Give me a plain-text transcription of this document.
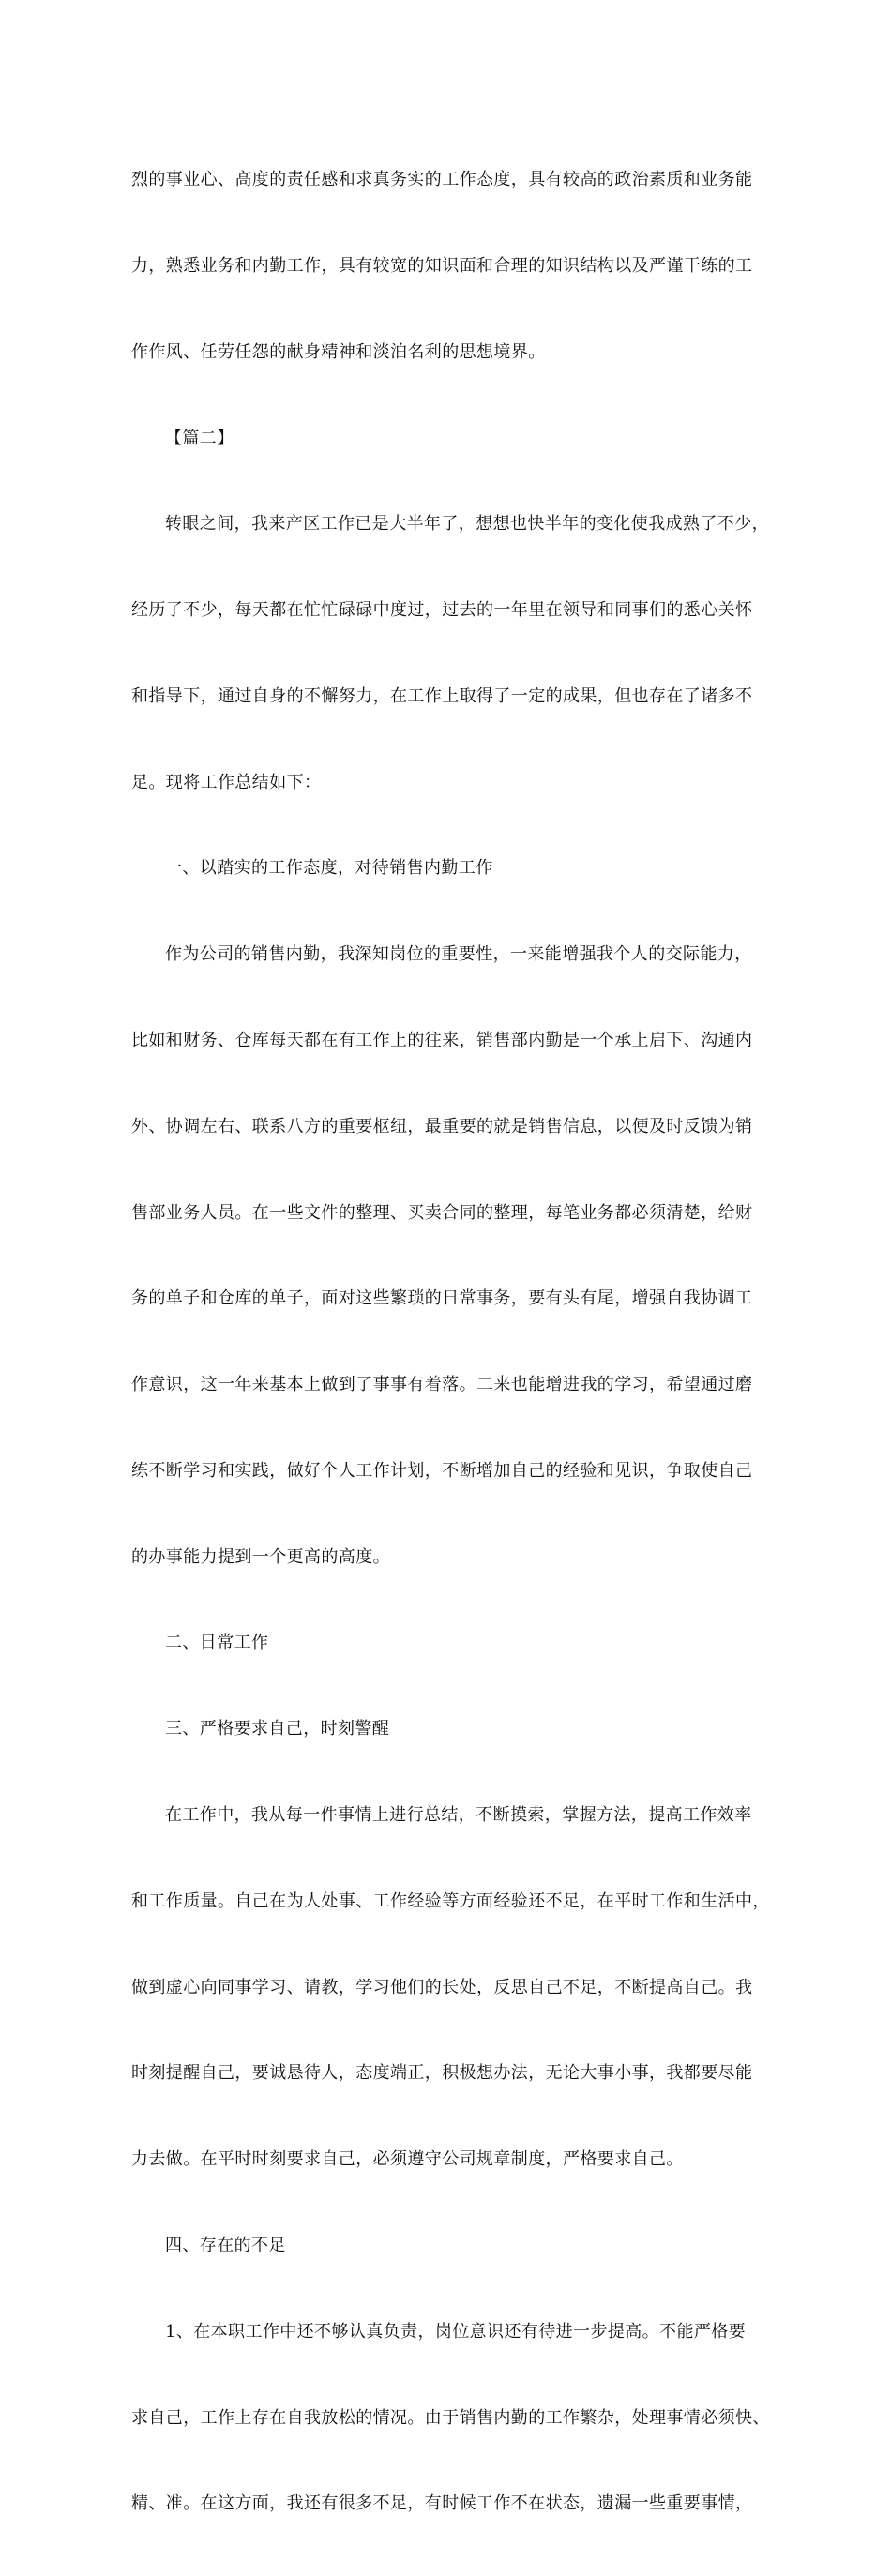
烈的事业心、高度的责任感和求真务实的工作态度，具有较高的政治素质和业务能

力，熟悉业务和内勤工作，具有较宽的知识面和合理的知识结构以及严谨干练的工

作作风、任劳任怨的献身精神和淡泊名利的思想境界。

【篇二】

转眼之间，我来产区工作已是大半年了，想想也快半年的变化使我成熟了不少，

经历了不少，每天都在忙忙碌碌中度过，过去的一年里在领导和同事们的悉心关怀

和指导下，通过自身的不懈努力，在工作上取得了一定的成果，但也存在了诸多不

足。现将工作总结如下：

一、以踏实的工作态度，对待销售内勤工作

作为公司的销售内勤，我深知岗位的重要性，一来能增强我个人的交际能力，

比如和财务、仓库每天都在有工作上的往来，销售部内勤是一个承上启下、沟通内

外、协调左右、联系八方的重要枢纽，最重要的就是销售信息，以便及时反馈为销

售部业务人员。在一些文件的整理、买卖合同的整理，每笔业务都必须清楚，给财

务的单子和仓库的单子，面对这些繁琐的日常事务，要有头有尾，增强自我协调工

作意识，这一年来基本上做到了事事有着落。二来也能增进我的学习，希望通过磨

练不断学习和实践，做好个人工作计划，不断增加自己的经验和见识，争取使自己

的办事能力提到一个更高的高度。

二、日常工作

三、严格要求自己，时刻警醒

在工作中，我从每一件事情上进行总结，不断摸索，掌握方法，提高工作效率

和工作质量。自己在为人处事、工作经验等方面经验还不足，在平时工作和生活中，

做到虚心向同事学习、请教，学习他们的长处，反思自己不足，不断提高自己。我

时刻提醒自己，要诚恳待人，态度端正，积极想办法，无论大事小事，我都要尽能

力去做。在平时时刻要求自己，必须遵守公司规章制度，严格要求自己。

四、存在的不足

1、在本职工作中还不够认真负责，岗位意识还有待进一步提高。不能严格要

求自己，工作上存在自我放松的情况。由于销售内勤的工作繁杂，处理事情必须快、

精、准。在这方面，我还有很多不足，有时候工作不在状态，遗漏一些重要事情，
